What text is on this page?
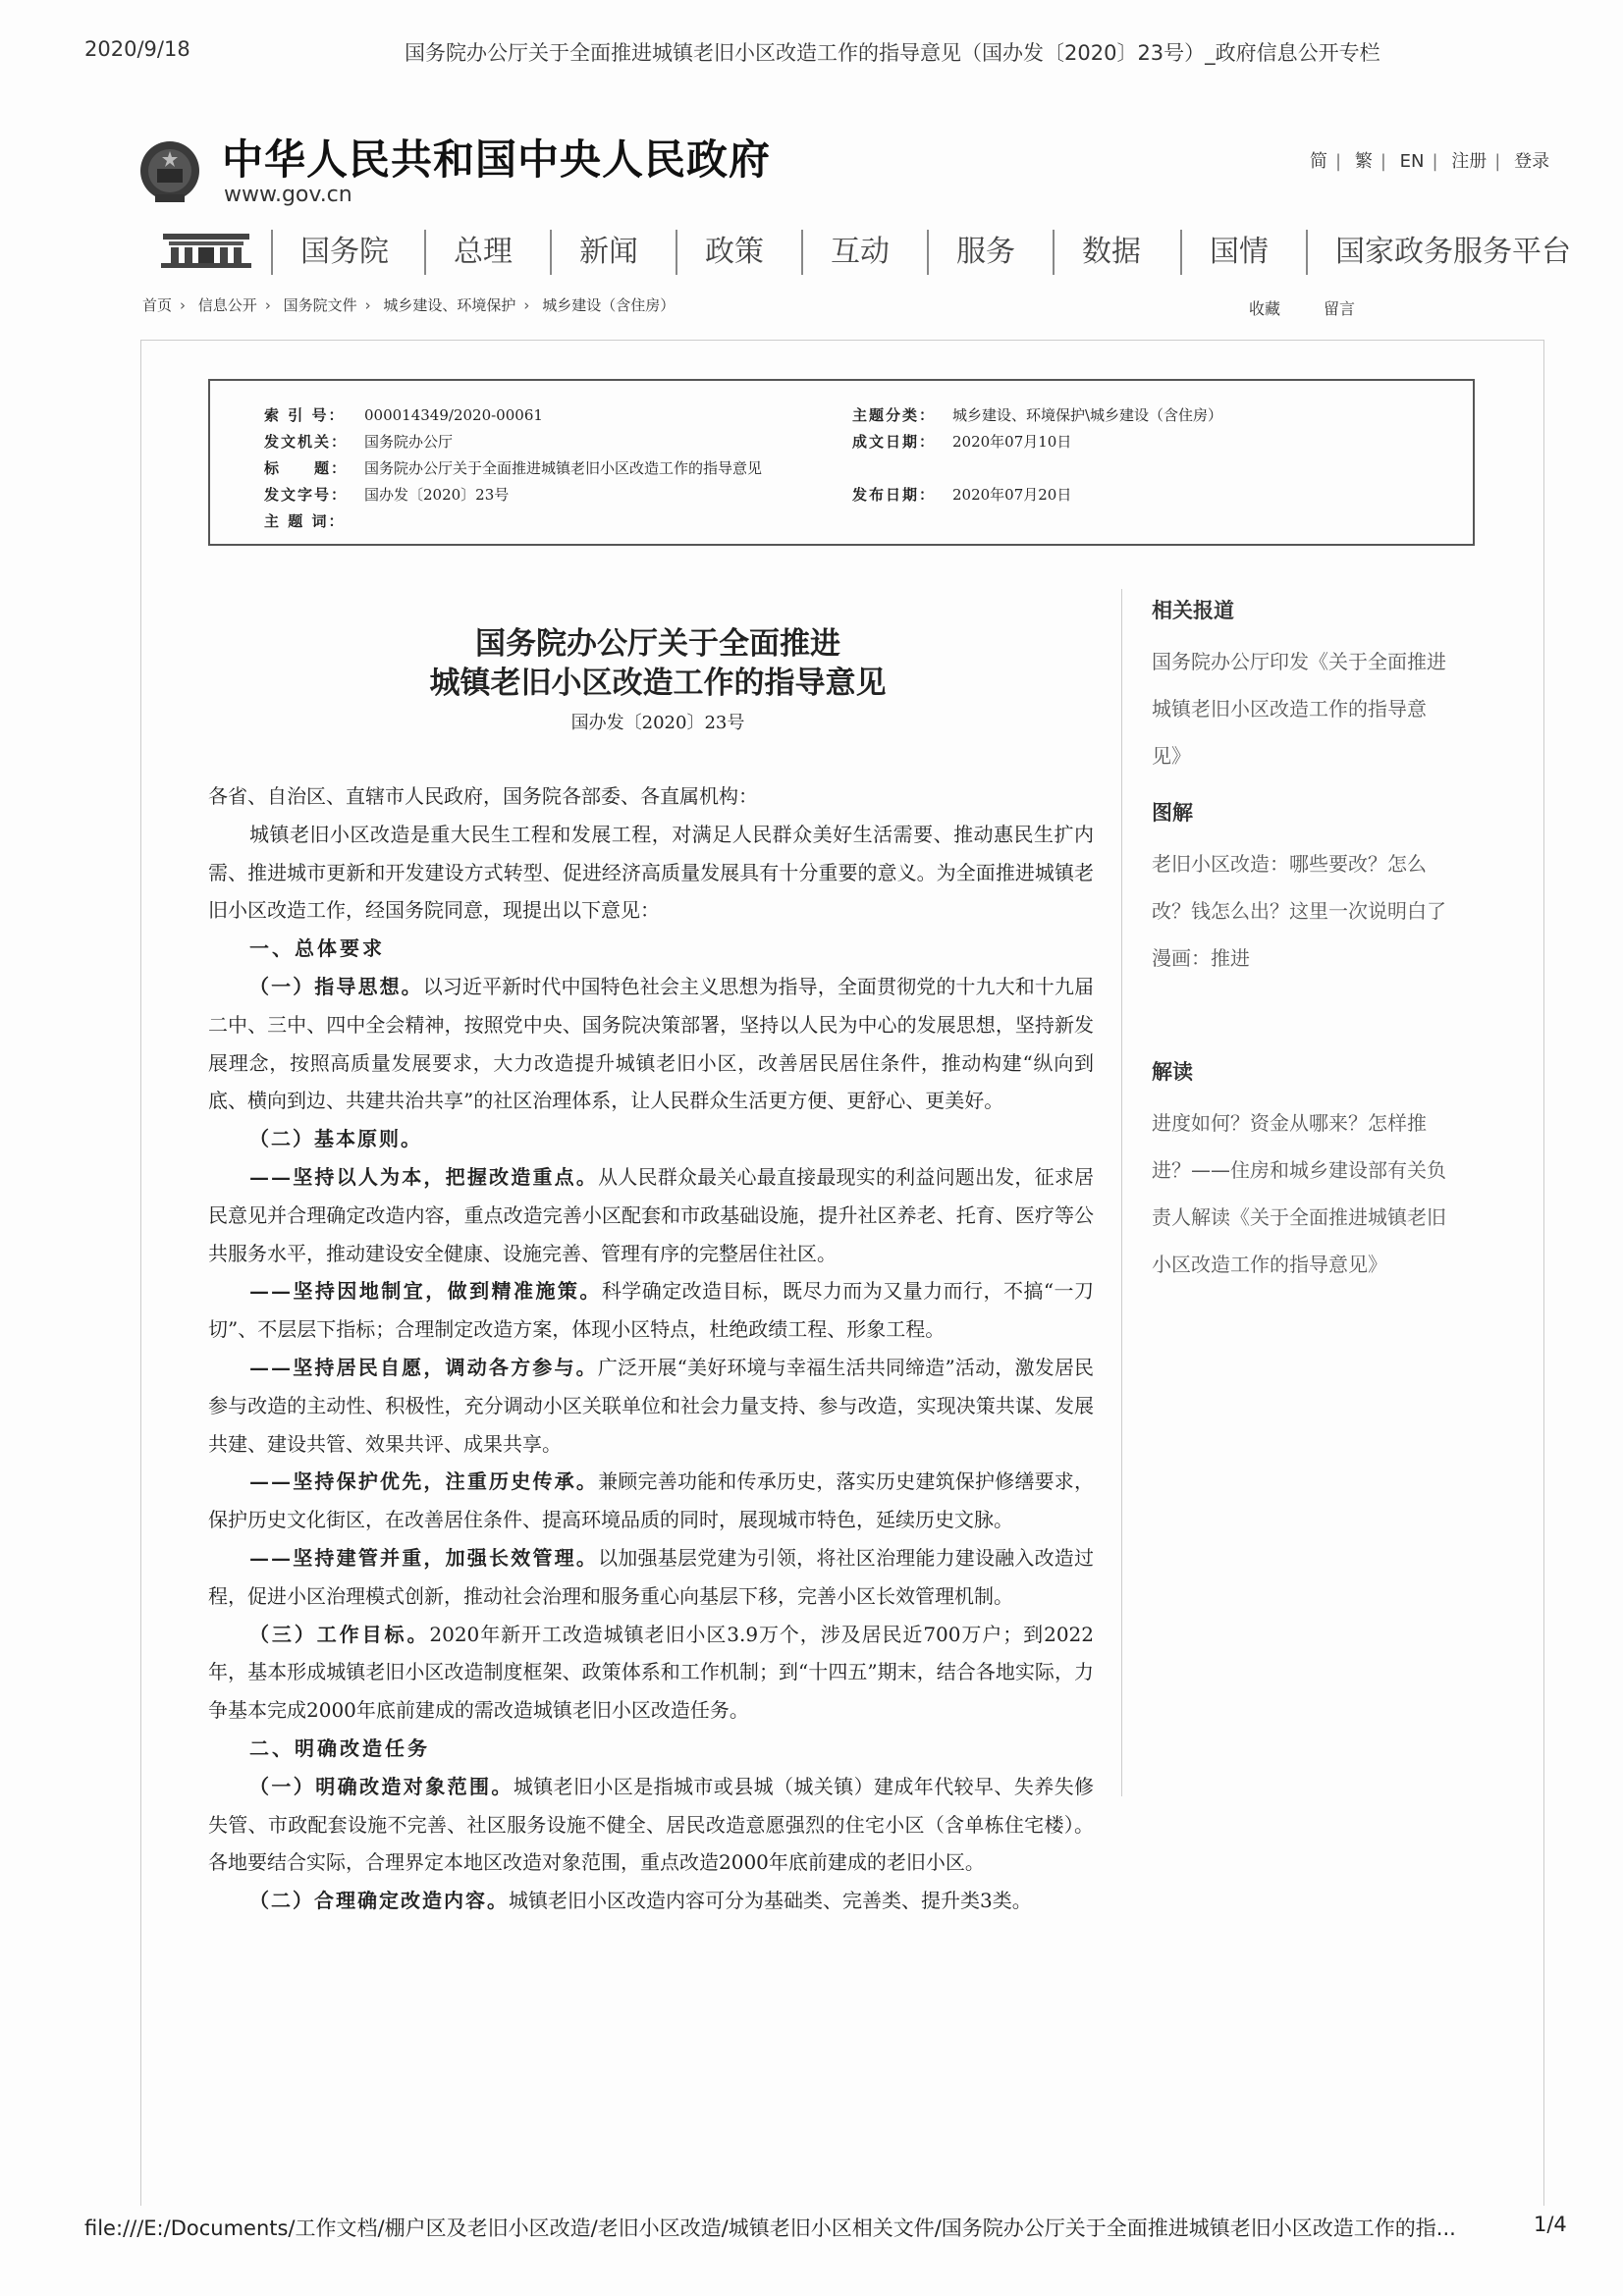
2020/9/18	国务院办公厅关于全面推进城镇老旧小区改造工作的指导意见（国办发〔2020〕23号）_政府信息公开专栏
中华人民共和国中央人民政府
www.gov.cn
简 | 繁 | EN | 注册 | 登录
国务院	总理	新闻	政策	互动	服务	数据	国情	国家政务服务平台
首页 › 信息公开 › 国务院文件 › 城乡建设、环境保护 › 城乡建设（含住房）	收藏	留言
索 引 号： 000014349/2020-00061
发文机关： 国务院办公厅
标　　题： 国务院办公厅关于全面推进城镇老旧小区改造工作的指导意见
发文字号： 国办发〔2020〕23号
主 题 词：
主题分类： 城乡建设、环境保护\城乡建设（含住房）
成文日期： 2020年07月10日
发布日期： 2020年07月20日
国务院办公厅关于全面推进
城镇老旧小区改造工作的指导意见
国办发〔2020〕23号

各省、自治区、直辖市人民政府，国务院各部委、各直属机构：

城镇老旧小区改造是重大民生工程和发展工程，对满足人民群众美好生活需要、推动惠民生扩内需、推进城市更新和开发建设方式转型、促进经济高质量发展具有十分重要的意义。为全面推进城镇老旧小区改造工作，经国务院同意，现提出以下意见：

一、总体要求

（一）指导思想。以习近平新时代中国特色社会主义思想为指导，全面贯彻党的十九大和十九届二中、三中、四中全会精神，按照党中央、国务院决策部署，坚持以人民为中心的发展思想，坚持新发展理念，按照高质量发展要求，大力改造提升城镇老旧小区，改善居民居住条件，推动构建“纵向到底、横向到边、共建共治共享”的社区治理体系，让人民群众生活更方便、更舒心、更美好。

（二）基本原则。

——坚持以人为本，把握改造重点。从人民群众最关心最直接最现实的利益问题出发，征求居民意见并合理确定改造内容，重点改造完善小区配套和市政基础设施，提升社区养老、托育、医疗等公共服务水平，推动建设安全健康、设施完善、管理有序的完整居住社区。

——坚持因地制宜，做到精准施策。科学确定改造目标，既尽力而为又量力而行，不搞“一刀切”、不层层下指标；合理制定改造方案，体现小区特点，杜绝政绩工程、形象工程。

——坚持居民自愿，调动各方参与。广泛开展“美好环境与幸福生活共同缔造”活动，激发居民参与改造的主动性、积极性，充分调动小区关联单位和社会力量支持、参与改造，实现决策共谋、发展共建、建设共管、效果共评、成果共享。

——坚持保护优先，注重历史传承。兼顾完善功能和传承历史，落实历史建筑保护修缮要求，保护历史文化街区，在改善居住条件、提高环境品质的同时，展现城市特色，延续历史文脉。

——坚持建管并重，加强长效管理。以加强基层党建为引领，将社区治理能力建设融入改造过程，促进小区治理模式创新，推动社会治理和服务重心向基层下移，完善小区长效管理机制。

（三）工作目标。2020年新开工改造城镇老旧小区3.9万个，涉及居民近700万户；到2022年，基本形成城镇老旧小区改造制度框架、政策体系和工作机制；到“十四五”期末，结合各地实际，力争基本完成2000年底前建成的需改造城镇老旧小区改造任务。

二、明确改造任务

（一）明确改造对象范围。城镇老旧小区是指城市或县城（城关镇）建成年代较早、失养失修失管、市政配套设施不完善、社区服务设施不健全、居民改造意愿强烈的住宅小区（含单栋住宅楼）。各地要结合实际，合理界定本地区改造对象范围，重点改造2000年底前建成的老旧小区。

（二）合理确定改造内容。城镇老旧小区改造内容可分为基础类、完善类、提升类3类。

相关报道
国务院办公厅印发《关于全面推进城镇老旧小区改造工作的指导意见》
图解
老旧小区改造：哪些要改？怎么改？钱怎么出？这里一次说明白了
漫画：推进
解读
进度如何？资金从哪来？怎样推进？——住房和城乡建设部有关负责人解读《关于全面推进城镇老旧小区改造工作的指导意见》
file:///E:/Documents/工作文档/棚户区及老旧小区改造/老旧小区改造/城镇老旧小区相关文件/国务院办公厅关于全面推进城镇老旧小区改造工作的指...	1/4
